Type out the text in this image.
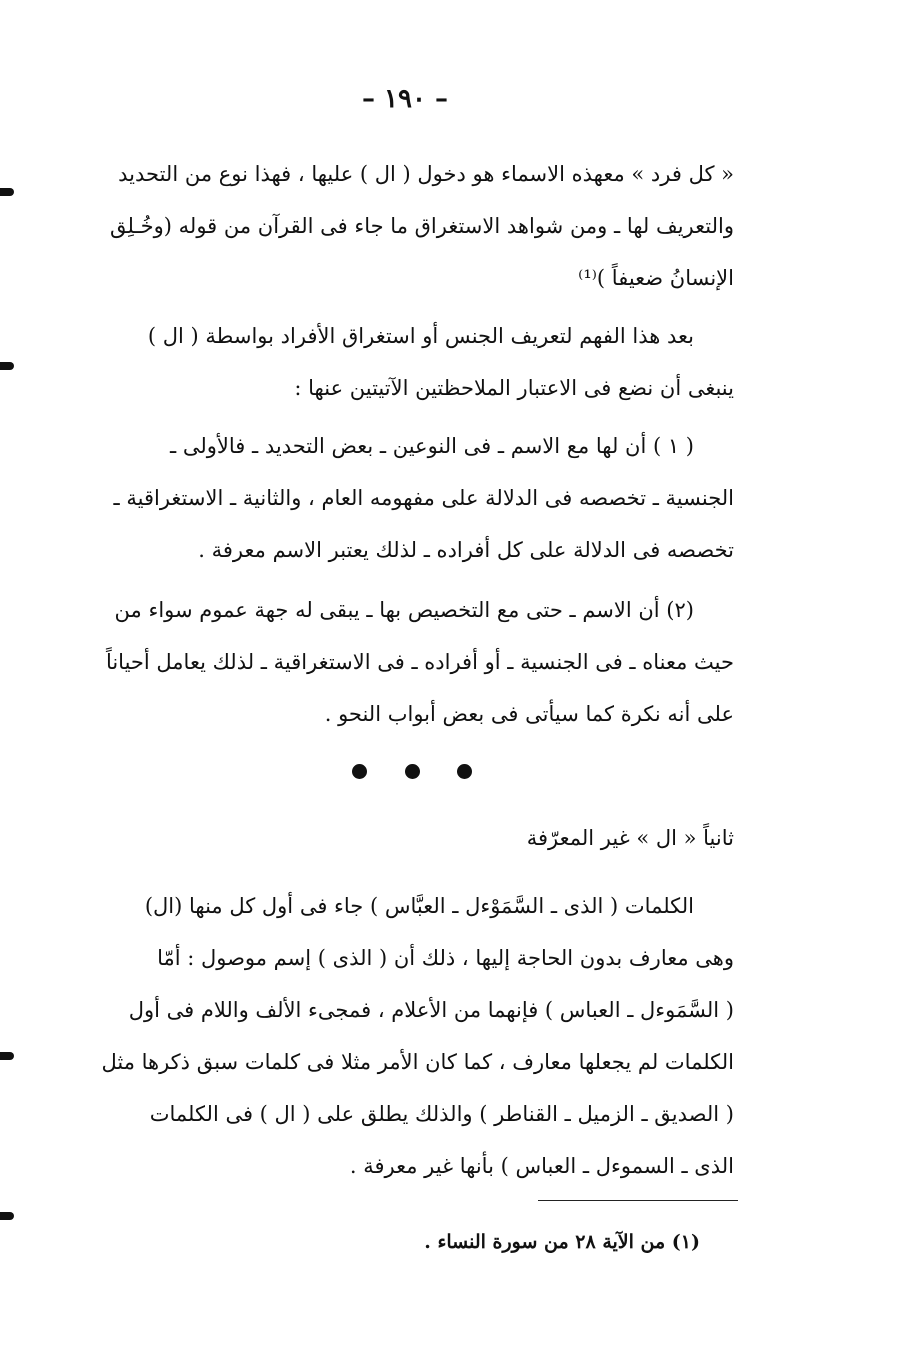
– ١٩٠ –
« كل فرد » معهذه الاسماء هو دخول ( ال ) عليها ، فهذا نوع من التحديد
والتعريف لها ـ ومن شواهد الاستغراق ما جاء فى القرآن من قوله (وخُـلِق
الإنسانُ ضعيفاً )⁽¹⁾
بعد هذا الفهم لتعريف الجنس أو استغراق الأفراد بواسطة ( ال )
ينبغى أن نضع فى الاعتبار الملاحظتين الآتيتين عنها :
( ١ ) أن لها مع الاسم ـ فى النوعين ـ بعض التحديد ـ فالأولى ـ
الجنسية ـ تخصصه فى الدلالة على مفهومه العام ، والثانية ـ الاستغراقية ـ
تخصصه فى الدلالة على كل أفراده ـ لذلك يعتبر الاسم معرفة .
(٢) أن الاسم ـ حتى مع التخصيص بها ـ يبقى له جهة عموم سواء من
حيث معناه ـ فى الجنسية ـ أو أفراده ـ فى الاستغراقية ـ لذلك يعامل أحياناً
على أنه نكرة كما سيأتى فى بعض أبواب النحو .
ثانياً « ال » غير المعرّفة
الكلمات ( الذى ـ السَّمَوْءل ـ العبَّاس ) جاء فى أول كل منها (ال)
وهى معارف بدون الحاجة إليها ، ذلك أن ( الذى ) إسم موصول : أمّا
( السَّمَوءل ـ العباس ) فإنهما من الأعلام ، فمجىء الألف واللام فى أول
الكلمات لم يجعلها معارف ، كما كان الأمر مثلا فى كلمات سبق ذكرها مثل
( الصديق ـ الزميل ـ القناطر ) والذلك يطلق على ( ال ) فى الكلمات
الذى ـ السموءل ـ العباس ) بأنها غير معرفة .
(١) من الآية ٢٨ من سورة النساء .
